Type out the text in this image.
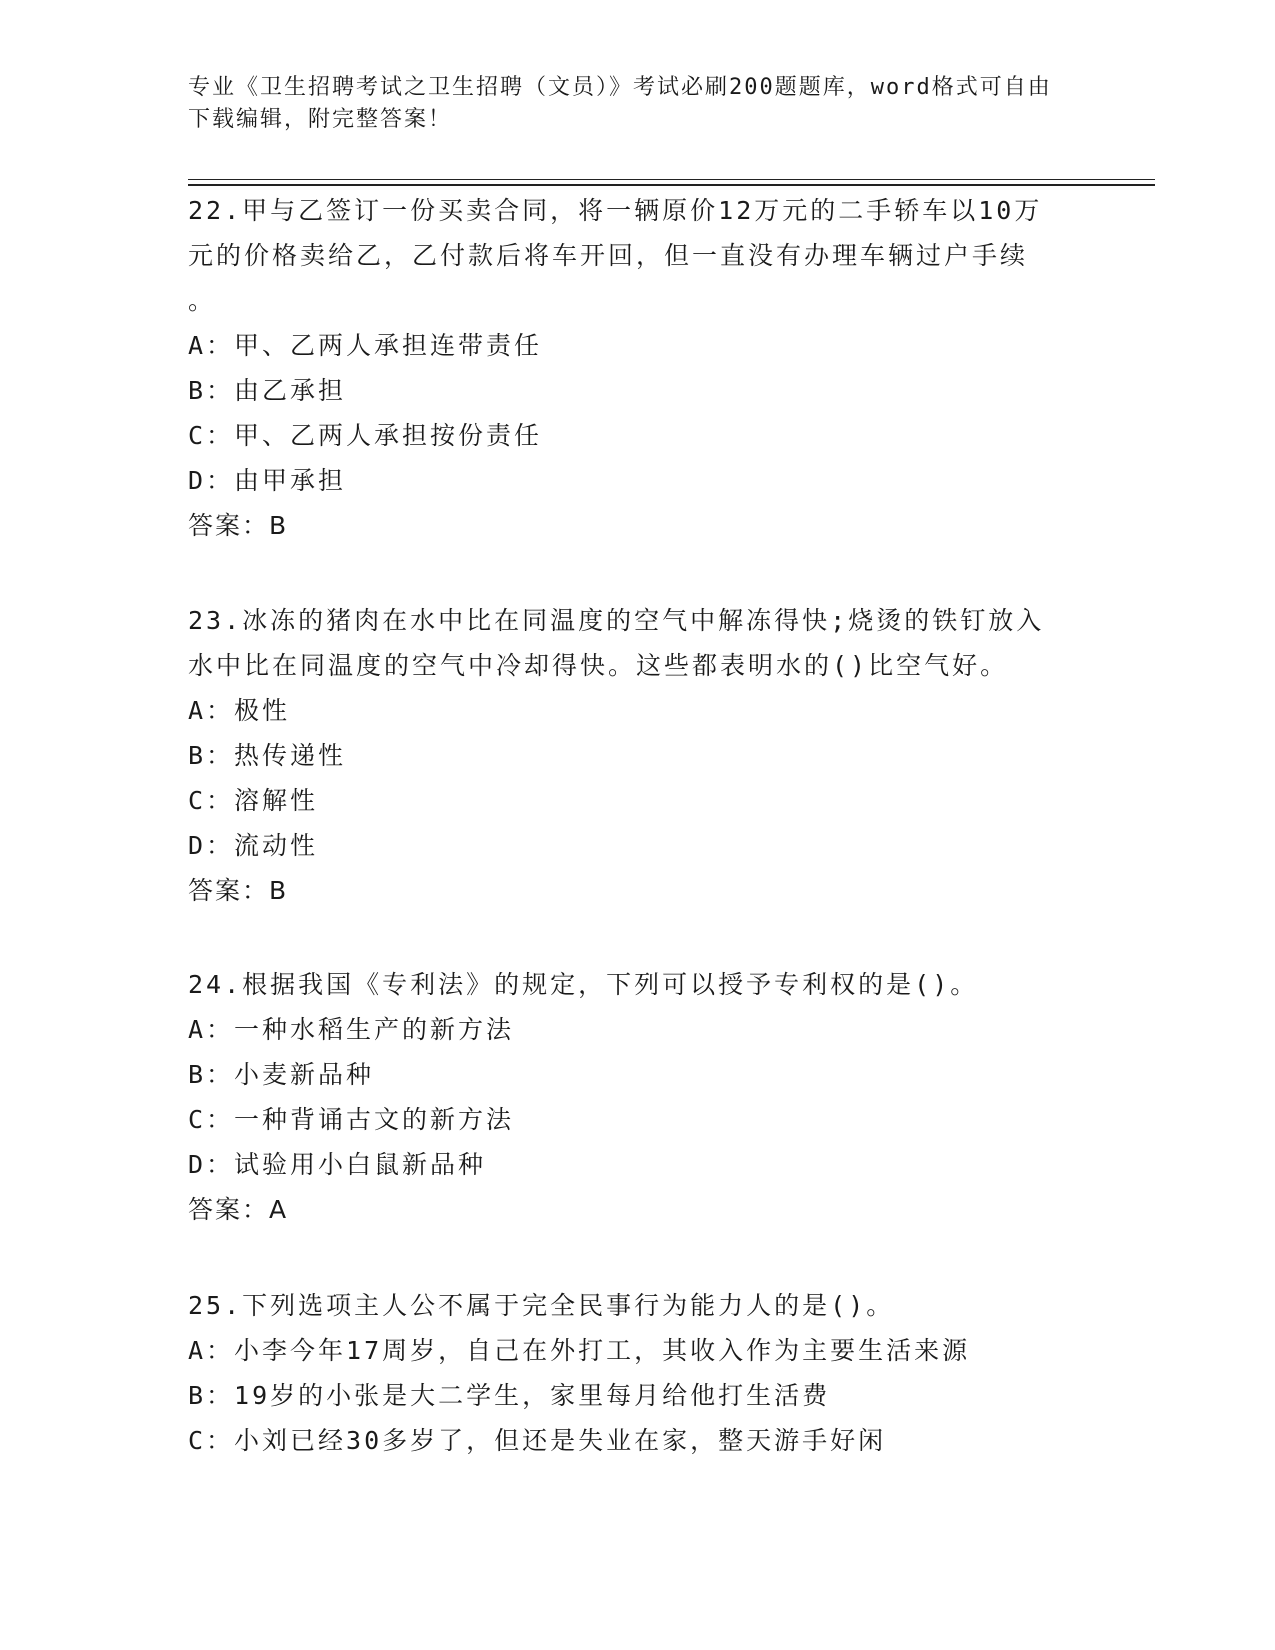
专业《卫生招聘考试之卫生招聘（文员）》考试必刷200题题库，word格式可自由下载编辑，附完整答案！

22.甲与乙签订一份买卖合同，将一辆原价12万元的二手轿车以10万

元的价格卖给乙，乙付款后将车开回，但一直没有办理车辆过户手续

。

A：甲、乙两人承担连带责任

B：由乙承担

C：甲、乙两人承担按份责任

D：由甲承担

答案：B

23.冰冻的猪肉在水中比在同温度的空气中解冻得快;烧烫的铁钉放入

水中比在同温度的空气中冷却得快。这些都表明水的()比空气好。

A：极性

B：热传递性

C：溶解性

D：流动性

答案：B

24.根据我国《专利法》的规定，下列可以授予专利权的是()。

A：一种水稻生产的新方法

B：小麦新品种

C：一种背诵古文的新方法

D：试验用小白鼠新品种

答案：A

25.下列选项主人公不属于完全民事行为能力人的是()。

A：小李今年17周岁，自己在外打工，其收入作为主要生活来源

B：19岁的小张是大二学生，家里每月给他打生活费

C：小刘已经30多岁了，但还是失业在家，整天游手好闲
